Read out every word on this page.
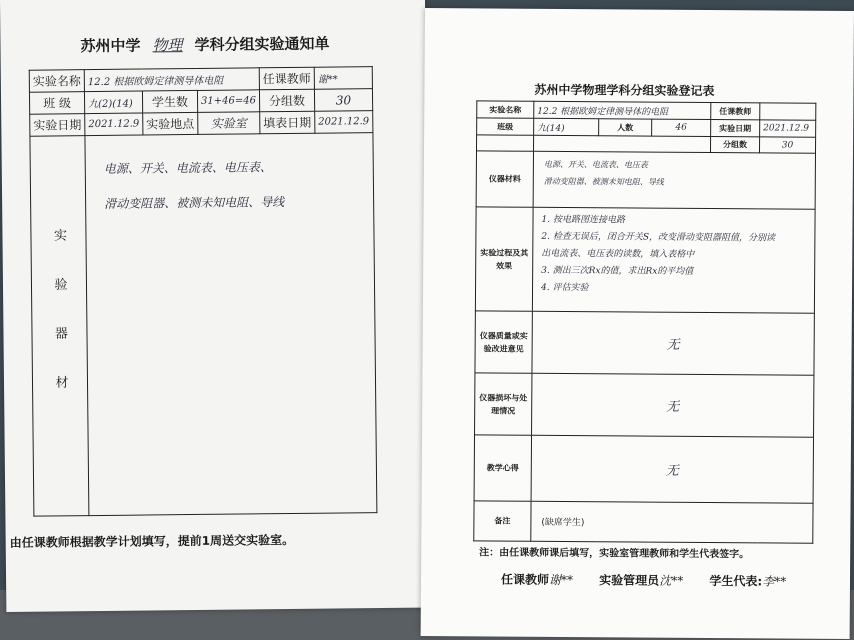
苏州中学 物理 学科分组实验通知单
实验名称	12.2 根据欧姆定律测导体电阻			任课教师	谢**
班 级	九(2)(14)	学生数	31+46=46	分组数	30
实验日期	2021.12.9	实验地点	实验室	填表日期	2021.12.9

实验器材	电源、开关、电流表、电压表、
滑动变阻器、被测未知电阻、导线				
由任课教师根据教学计划填写，提前1周送交实验室。
苏州中学物理学科分组实验登记表
实验名称	12.2 根据欧姆定律测导体的电阻			任课教师	
班级	九(14)	人数	46	实验日期	2021.12.9
				分组数	30
仪器材料	电源、开关、电流表、电压表
滑动变阻器、被测未知电阻、导线				

实验过程及其效果	1. 按电路图连接电路
2. 检查无误后，闭合开关S，改变滑动变阻器阻值，分别读
出电流表、电压表的读数，填入表格中
3. 测出三次Rx的值，求出Rx的平均值
4. 评估实验				

仪器质量或实验改进意见	无				
仪器损坏与处理情况	无				
教学心得	无				
备注	(缺席学生)				
注：由任课教师课后填写，实验室管理教师和学生代表签字。
任课教师谢** 实验管理员沈** 学生代表:李**
